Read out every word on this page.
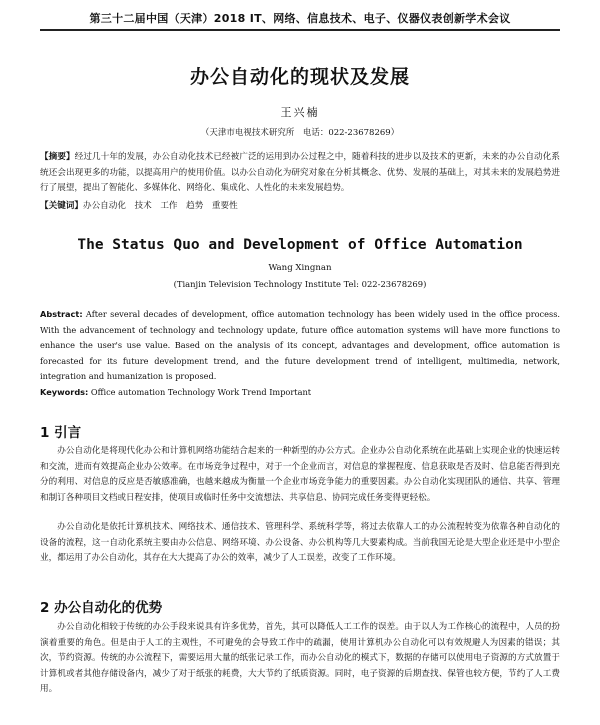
第三十二届中国（天津）2018 IT、网络、信息技术、电子、仪器仪表创新学术会议
办公自动化的现状及发展
王兴楠
（天津市电视技术研究所　电话：022-23678269）
【摘要】经过几十年的发展，办公自动化技术已经被广泛的运用到办公过程之中，随着科技的进步以及技术的更新，未来的办公自动化系统还会出现更多的功能，以提高用户的使用价值。以办公自动化为研究对象在分析其概念、优势、发展的基础上，对其未来的发展趋势进行了展望，提出了智能化、多媒体化、网络化、集成化、人性化的未来发展趋势。
【关键词】办公自动化　技术　工作　趋势　重要性
The Status Quo and Development of Office Automation
Wang Xingnan
(Tianjin Television Technology Institute Tel: 022-23678269)
Abstract: After several decades of development, office automation technology has been widely used in the office process. With the advancement of technology and technology update, future office automation systems will have more functions to enhance the user's use value. Based on the analysis of its concept, advantages and development, office automation is forecasted for its future development trend, and the future development trend of intelligent, multimedia, network, integration and humanization is proposed.
Keywords: Office automation Technology Work Trend Important
1 引言
办公自动化是将现代化办公和计算机网络功能结合起来的一种新型的办公方式。企业办公自动化系统在此基础上实现企业的快速运转和交流，进而有效提高企业办公效率。在市场竞争过程中，对于一个企业而言，对信息的掌握程度、信息获取是否及时、信息能否得到充分的利用、对信息的反应是否敏感准确，也越来越成为衡量一个企业市场竞争能力的重要因素。办公自动化实现团队的通信、共享、管理和制订各种项目文档或日程安排，使项目或临时任务中交流想法、共享信息、协同完成任务变得更轻松。
办公自动化是依托计算机技术、网络技术、通信技术、管理科学、系统科学等，将过去依靠人工的办公流程转变为依靠各种自动化的设备的流程，这一自动化系统主要由办公信息、网络环境、办公设备、办公机构等几大要素构成。当前我国无论是大型企业还是中小型企业，都运用了办公自动化，其存在大大提高了办公的效率，减少了人工误差，改变了工作环境。
2 办公自动化的优势
办公自动化相较于传统的办公手段来说具有许多优势，首先，其可以降低人工工作的误差。由于以人为工作核心的流程中，人员的扮演着重要的角色。但是由于人工的主观性，不可避免的会导致工作中的疏漏，使用计算机办公自动化可以有效规避人为因素的错误；其次，节约资源。传统的办公流程下，需要运用大量的纸张记录工作，而办公自动化的模式下，数据的存储可以使用电子资源的方式放置于计算机或者其他存储设备内，减少了对于纸张的耗费，大大节约了纸质资源。同时，电子资源的后期查找、保管也较方便，节约了人工费用。
